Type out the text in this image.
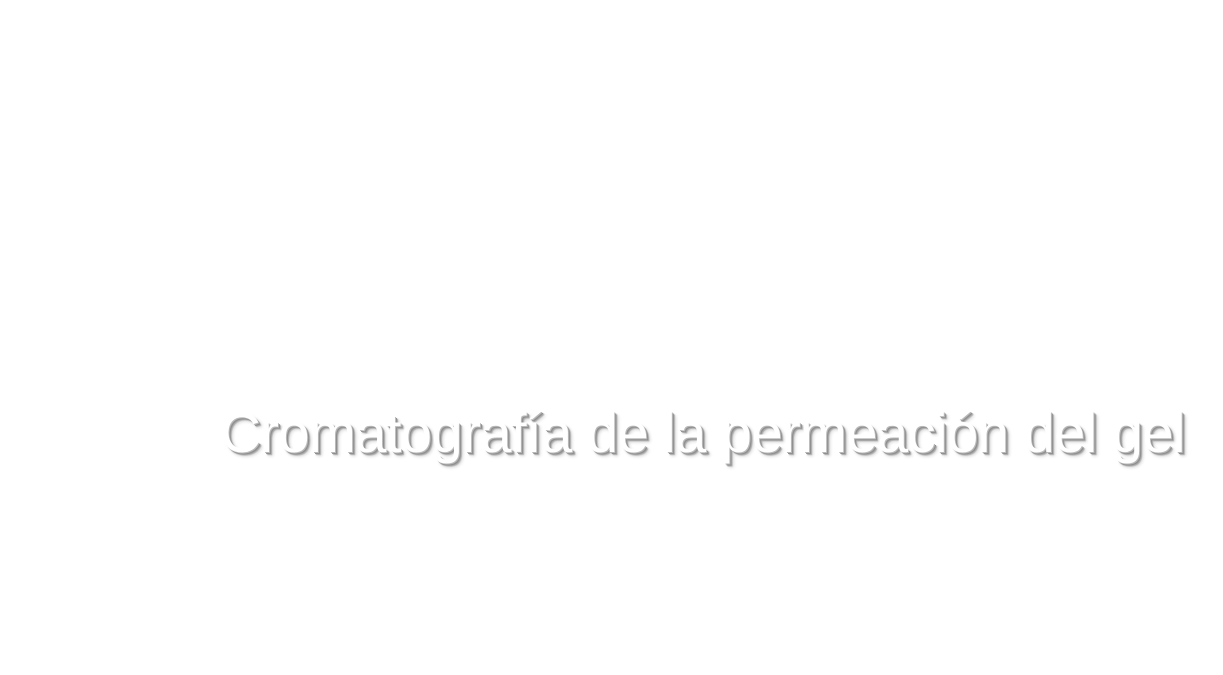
Cromatografía de la permeación del gel
